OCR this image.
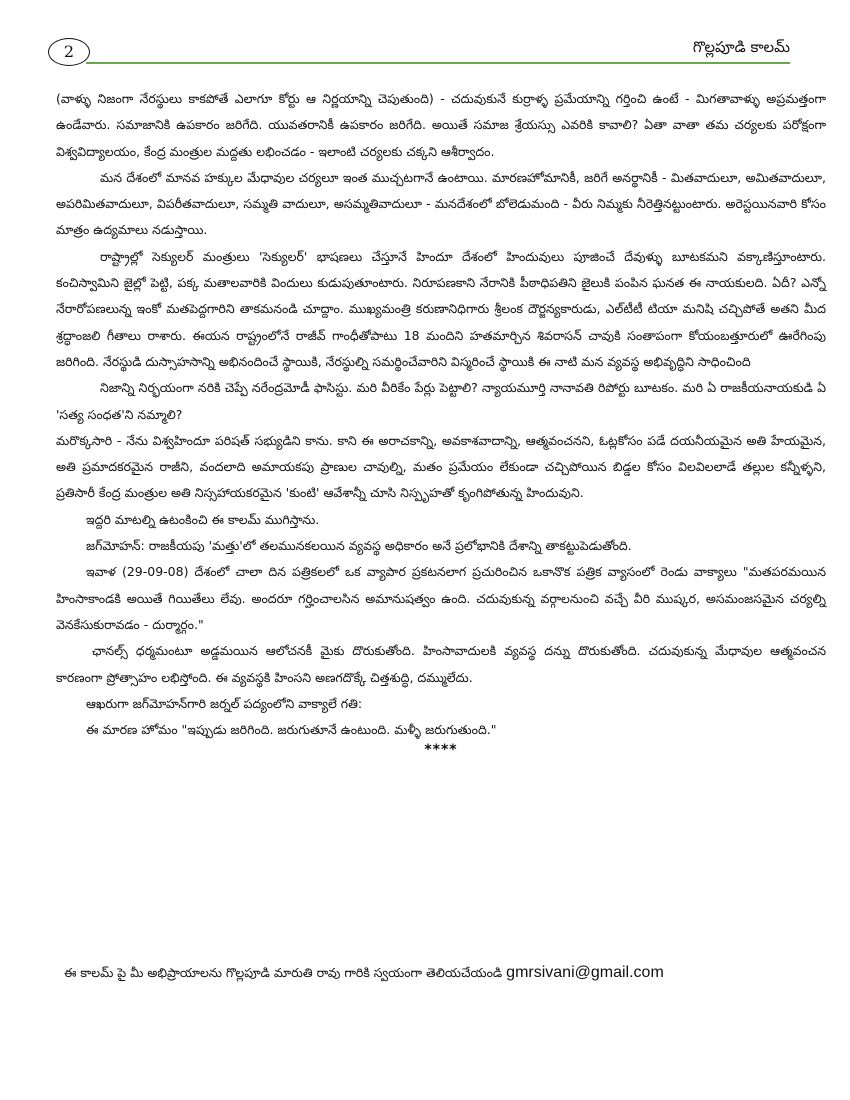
2	గొల్లపూడి కాలమ్

(వాళ్ళు నిజంగా నేరస్థులు కాకపోతే ఎలాగూ కోర్టు ఆ నిర్ణయాన్ని చెపుతుంది) - చదువుకునే కుర్రాళ్ళ ప్రమేయాన్ని గర్తించి ఉంటే - మిగతావాళ్ళు అప్రమత్తంగా ఉండేవారు. సమాజానికి ఉపకారం జరిగేది. యువతరానికీ ఉపకారం జరిగేది. అయితే సమాజ శ్రేయస్సు ఎవరికి కావాలి? ఏతా వాతా తమ చర్యలకు పరోక్షంగా విశ్వవిద్యాలయం, కేంద్ర మంత్రుల మద్దతు లభించడం - ఇలాంటి చర్యలకు చక్కని ఆశీర్వాదం.

మన దేశంలో మానవ హక్కుల మేధావుల చర్యలూ ఇంత ముచ్చటగానే ఉంటాయి. మారణహోమానికీ, జరిగే అనర్థానికీ - మితవాదులూ, అమితవాదులూ, అపరిమితవాదులూ, విపరీతవాదులూ, సమ్మతి వాదులూ, అసమ్మతివాదులూ - మనదేశంలో బోలెడుమంది - వీరు నిమ్మకు నీరెత్తినట్టుంటారు. అరెస్టయినవారి కోసం మాత్రం ఉద్యమాలు నడుస్తాయి.

రాష్ట్రాల్లో సెక్యులర్ మంత్రులు 'సెక్యులర్' భాషణలు చేస్తూనే హిందూ దేశంలో హిందువులు పూజించే దేవుళ్ళు బూటకమని వక్కాణిస్తూంటారు. కంచిస్వామిని జైల్లో పెట్టి, పక్క మతాలవారికి విందులు కుడుపుతూంటారు. నిరూపణకాని నేరానికి పీఠాధిపతిని జైలుకి పంపిన ఘనత ఈ నాయకులది. ఏదీ? ఎన్నో నేరారోపణలున్న ఇంకో మతపెద్దగారిని తాకమనండి చూద్దాం. ముఖ్యమంత్రి కరుణానిధిగారు శ్రీలంక దౌర్జన్యకారుడు, ఎల్‌టీటీ టియా మనిషి చచ్చిపోతే అతని మీద శ్రద్ధాంజలి గీతాలు రాశారు. ఈయన రాష్ట్రంలోనే రాజీవ్ గాంధీతోపాటు 18 మందిని హతమార్చిన శివరాసన్ చావుకి సంతాపంగా కోయంబత్తూరులో ఊరేగింపు జరిగింది. నేరస్థుడి దుస్సాహసాన్ని అభినందించే స్థాయికి, నేరస్థుల్ని సమర్థించేవారిని విస్మరించే స్థాయికి ఈ నాటి మన వ్యవస్థ అభివృద్ధిని సాధించింది

నిజాన్ని నిర్భయంగా నరికి చెప్పే నరేంద్రమోడీ ఫాసిస్టు. మరి వీరికేం పేర్లు పెట్టాలి? న్యాయమూర్తి నానావతి రిపోర్టు బూటకం. మరి ఏ రాజకీయనాయకుడి ఏ 'సత్య సంధత'ని నమ్మాలి?

మరొక్కసారి - నేను విశ్వహిందూ పరిషత్ సభ్యుడిని కాను. కాని ఈ అరాచకాన్ని, అవకాశవాదాన్ని, ఆత్మవంచనని, ఓట్లకోసం పడే దయనీయమైన అతి హేయమైన, అతి ప్రమాదకరమైన రాజీని, వందలాది అమాయకపు ప్రాణుల చావుల్ని, మతం ప్రమేయం లేకుండా చచ్చిపోయిన బిడ్డల కోసం విలవిలలాడే తల్లుల కన్నీళ్ళని, ప్రతిసారీ కేంద్ర మంత్రుల అతి నిస్సహాయకరమైన 'కుంటి' ఆవేశాన్నీ చూసి నిస్పృహతో కృంగిపోతున్న హిందువుని.

ఇద్దరి మాటల్ని ఉటంకించి ఈ కాలమ్ ముగిస్తాను.

జగ్‌మోహన్: రాజకీయపు 'మత్తు'లో తలమునకలయిన వ్యవస్థ అధికారం అనే ప్రలోభానికి దేశాన్ని తాకట్టుపెడుతోంది.

ఇవాళ (29-09-08) దేశంలో చాలా దిన పత్రికలలో ఒక వ్యాపార ప్రకటనలాగ ప్రచురించిన ఒకానొక పత్రిక వ్యాసంలో రెండు వాక్యాలు "మతపరమయిన హింసాకాండకి అయితే గియితేలు లేవు. అందరూ గర్హించాలసిన అమానుషత్వం ఉంది. చదువుకున్న వర్గాలనుంచి వచ్చే వీరి ముష్కర, అసమంజసమైన చర్యల్ని వెనకేసుకురావడం - దుర్మార్గం."

ఛానల్స్ ధర్మమంటూ అడ్డమయిన ఆలోచనకీ మైకు దొరుకుతోంది. హింసావాదులకి వ్యవస్థ దన్ను దొరుకుతోంది. చదువుకున్న మేధావుల ఆత్మవంచన కారణంగా ప్రోత్సాహం లభిస్తోంది. ఈ వ్యవస్థకి హింసని అణగదొక్కే చిత్తశుద్ధి, దమ్ములేదు.

ఆఖరుగా జగ్‌మోహన్‌గారి జర్నల్ పద్యంలోని వాక్యాలే గతి:

ఈ మారణ హోమం "ఇప్పుడు జరిగింది. జరుగుతూనే ఉంటుంది. మళ్ళీ జరుగుతుంది."

****
ఈ కాలమ్ పై మీ అభిప్రాయాలను గొల్లపూడి మారుతి రావు గారికి స్వయంగా తెలియచేయండి gmrsivani@gmail.com
